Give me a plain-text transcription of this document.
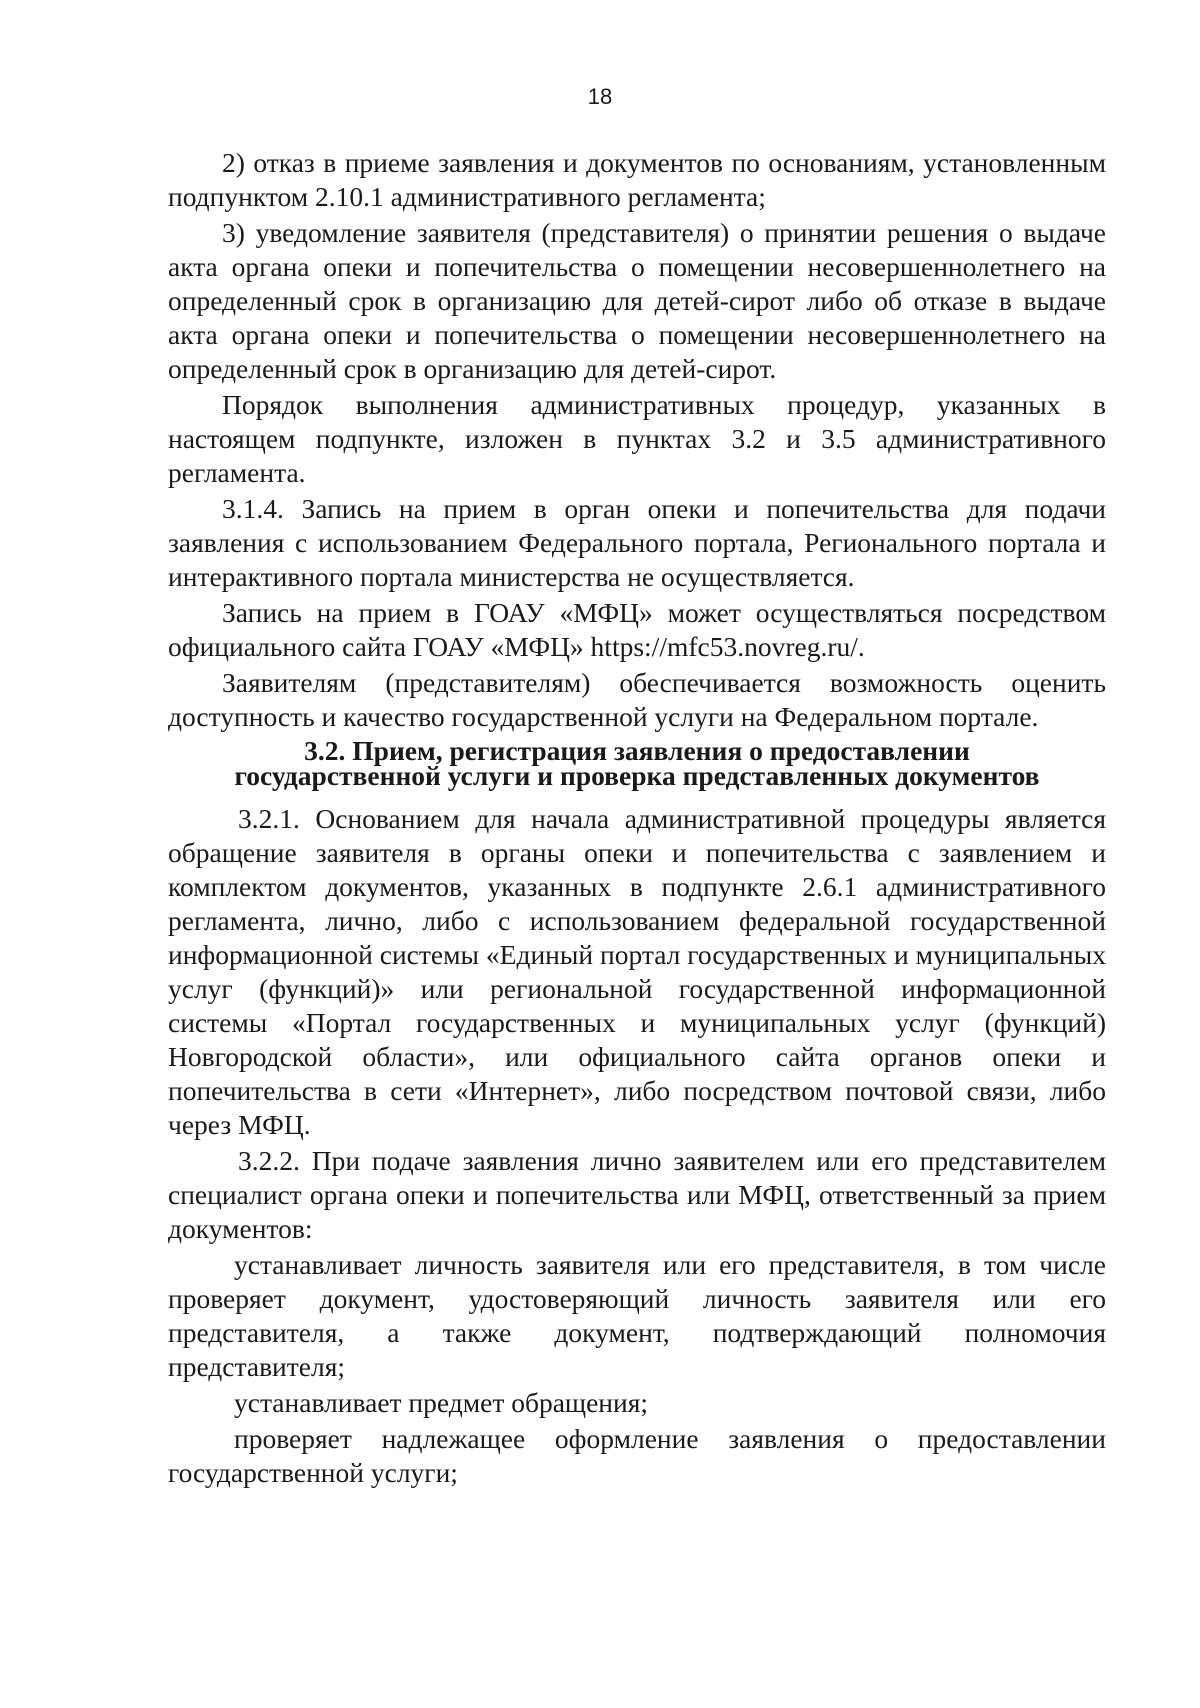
18

2) отказ в приеме заявления и документов по основаниям, установленным подпунктом 2.10.1 административного регламента;

3) уведомление заявителя (представителя) о принятии решения о выдаче акта органа опеки и попечительства о помещении несовершеннолетнего на определенный срок в организацию для детей-сирот либо об отказе в выдаче акта органа опеки и попечительства о помещении несовершеннолетнего на определенный срок в организацию для детей-сирот.

Порядок выполнения административных процедур, указанных в настоящем подпункте, изложен в пунктах 3.2 и 3.5 административного регламента.

3.1.4. Запись на прием в орган опеки и попечительства для подачи заявления с использованием Федерального портала, Регионального портала и интерактивного портала министерства не осуществляется.

Запись на прием в ГОАУ «МФЦ» может осуществляться посредством официального сайта ГОАУ «МФЦ» https://mfc53.novreg.ru/.

Заявителям (представителям) обеспечивается возможность оценить доступность и качество государственной услуги на Федеральном портале.

3.2. Прием, регистрация заявления о предоставлении
государственной услуги и проверка представленных документов

3.2.1. Основанием для начала административной процедуры является обращение заявителя в органы опеки и попечительства с заявлением и комплектом документов, указанных в подпункте 2.6.1 административного регламента, лично, либо с использованием федеральной государственной информационной системы «Единый портал государственных и муниципальных услуг (функций)» или региональной государственной информационной системы «Портал государственных и муниципальных услуг (функций) Новгородской области», или официального сайта органов опеки и попечительства в сети «Интернет», либо посредством почтовой связи, либо через МФЦ.

3.2.2. При подаче заявления лично заявителем или его представителем специалист органа опеки и попечительства или МФЦ, ответственный за прием документов:

устанавливает личность заявителя или его представителя, в том числе проверяет документ, удостоверяющий личность заявителя или его представителя, а также документ, подтверждающий полномочия представителя;

устанавливает предмет обращения;

проверяет надлежащее оформление заявления о предоставлении государственной услуги;
